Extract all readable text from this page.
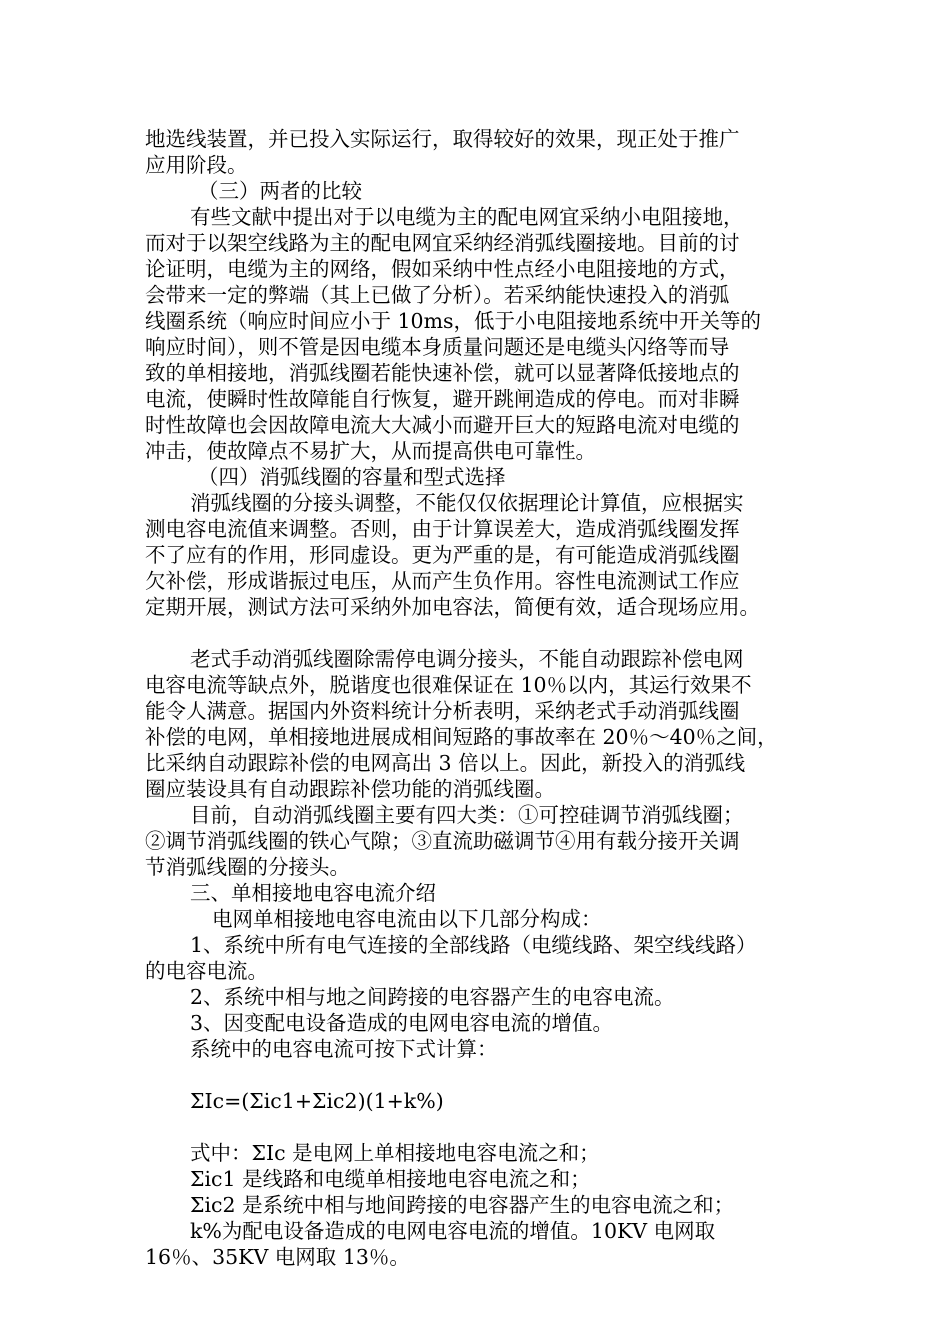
地选线装置，并已投入实际运行，取得较好的效果，现正处于推广
应用阶段。
（三）两者的比较
有些文献中提出对于以电缆为主的配电网宜采纳小电阻接地，
而对于以架空线路为主的配电网宜采纳经消弧线圈接地。目前的讨
论证明，电缆为主的网络，假如采纳中性点经小电阻接地的方式，
会带来一定的弊端（其上已做了分析）。若采纳能快速投入的消弧
线圈系统（响应时间应小于 10ms，低于小电阻接地系统中开关等的
响应时间），则不管是因电缆本身质量问题还是电缆头闪络等而导
致的单相接地，消弧线圈若能快速补偿，就可以显著降低接地点的
电流，使瞬时性故障能自行恢复，避开跳闸造成的停电。而对非瞬
时性故障也会因故障电流大大减小而避开巨大的短路电流对电缆的
冲击，使故障点不易扩大，从而提高供电可靠性。
（四）消弧线圈的容量和型式选择
消弧线圈的分接头调整，不能仅仅依据理论计算值，应根据实
测电容电流值来调整。否则，由于计算误差大，造成消弧线圈发挥
不了应有的作用，形同虚设。更为严重的是，有可能造成消弧线圈
欠补偿，形成谐振过电压，从而产生负作用。容性电流测试工作应
定期开展，测试方法可采纳外加电容法，简便有效，适合现场应用。
老式手动消弧线圈除需停电调分接头，不能自动跟踪补偿电网
电容电流等缺点外，脱谐度也很难保证在 10％以内，其运行效果不
能令人满意。据国内外资料统计分析表明，采纳老式手动消弧线圈
补偿的电网，单相接地进展成相间短路的事故率在 20％～40％之间，
比采纳自动跟踪补偿的电网高出 3 倍以上。因此，新投入的消弧线
圈应装设具有自动跟踪补偿功能的消弧线圈。
目前，自动消弧线圈主要有四大类：①可控硅调节消弧线圈；
②调节消弧线圈的铁心气隙；③直流助磁调节④用有载分接开关调
节消弧线圈的分接头。
三、单相接地电容电流介绍
电网单相接地电容电流由以下几部分构成：
1、系统中所有电气连接的全部线路（电缆线路、架空线线路）
的电容电流。
2、系统中相与地之间跨接的电容器产生的电容电流。
3、因变配电设备造成的电网电容电流的增值。
系统中的电容电流可按下式计算：
ΣIc=(Σic1+Σic2)(1+k%)
式中：ΣIc 是电网上单相接地电容电流之和；
Σic1 是线路和电缆单相接地电容电流之和；
Σic2 是系统中相与地间跨接的电容器产生的电容电流之和；
k%为配电设备造成的电网电容电流的增值。10KV 电网取
16％、35KV 电网取 13％。
